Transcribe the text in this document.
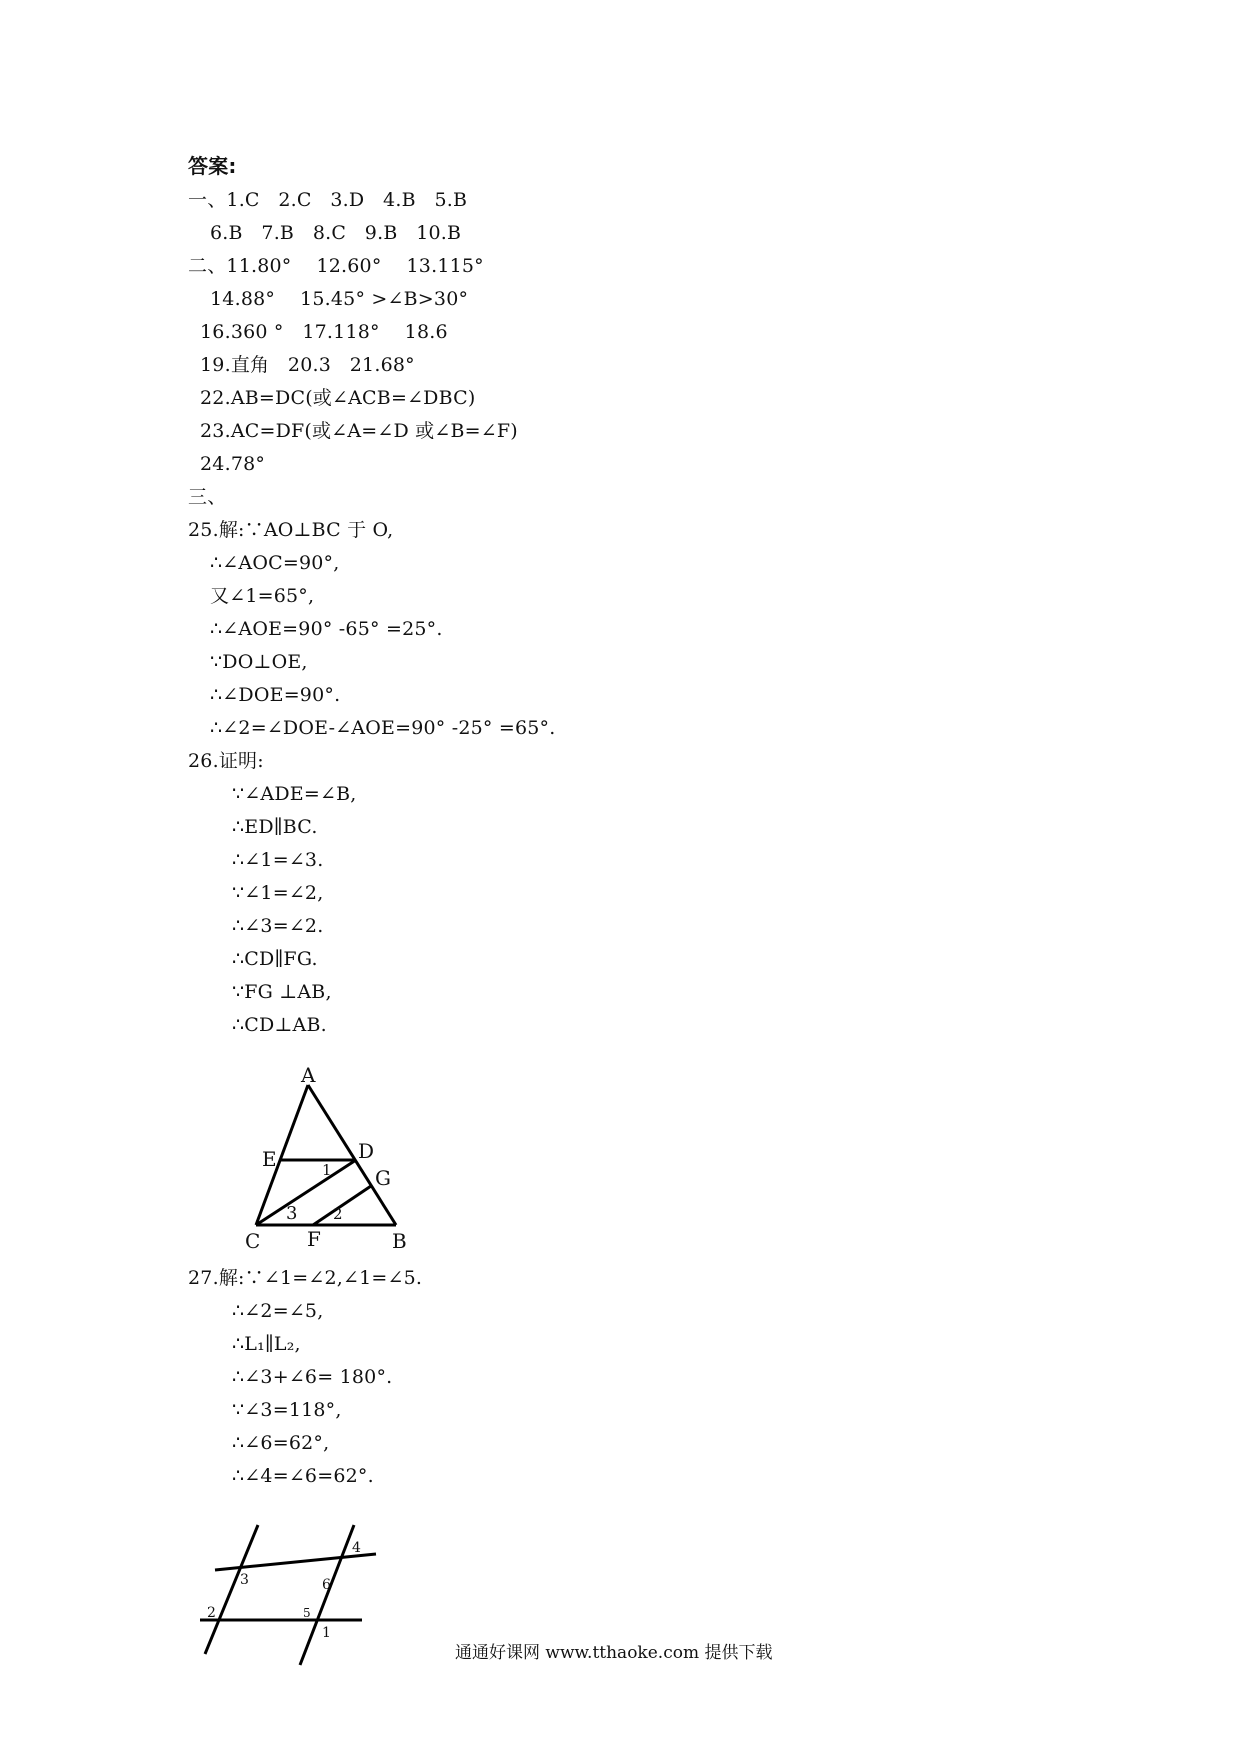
答案:
一、1.C   2.C   3.D   4.B   5.B
6.B   7.B   8.C   9.B   10.B
二、11.80°    12.60°    13.115°
14.88°    15.45° >∠B>30°
16.360 °   17.118°    18.6
19.直角   20.3   21.68°
22.AB=DC(或∠ACB=∠DBC)
23.AC=DF(或∠A=∠D 或∠B=∠F)
24.78°
三、
25.解:∵AO⊥BC 于 O,
∴∠AOC=90°,
又∠1=65°,
∴∠AOE=90° -65° =25°.
∵DO⊥OE,
∴∠DOE=90°.
∴∠2=∠DOE-∠AOE=90° -25° =65°.
26.证明:
∵∠ADE=∠B,
∴ED∥BC.
∴∠1=∠3.
∵∠1=∠2,
∴∠3=∠2.
∴CD∥FG.
∵FG ⊥AB,
∴CD⊥AB.
A
E	D
G
C F	B
1
3 2
4
3	6
2	5
1
27.解:∵∠1=∠2,∠1=∠5.
∴∠2=∠5,
∴L₁∥L₂,
∴∠3+∠6= 180°.
∵∠3=118°,
∴∠6=62°,
∴∠4=∠6=62°.
通通好课网 www.tthaoke.com 提供下载
